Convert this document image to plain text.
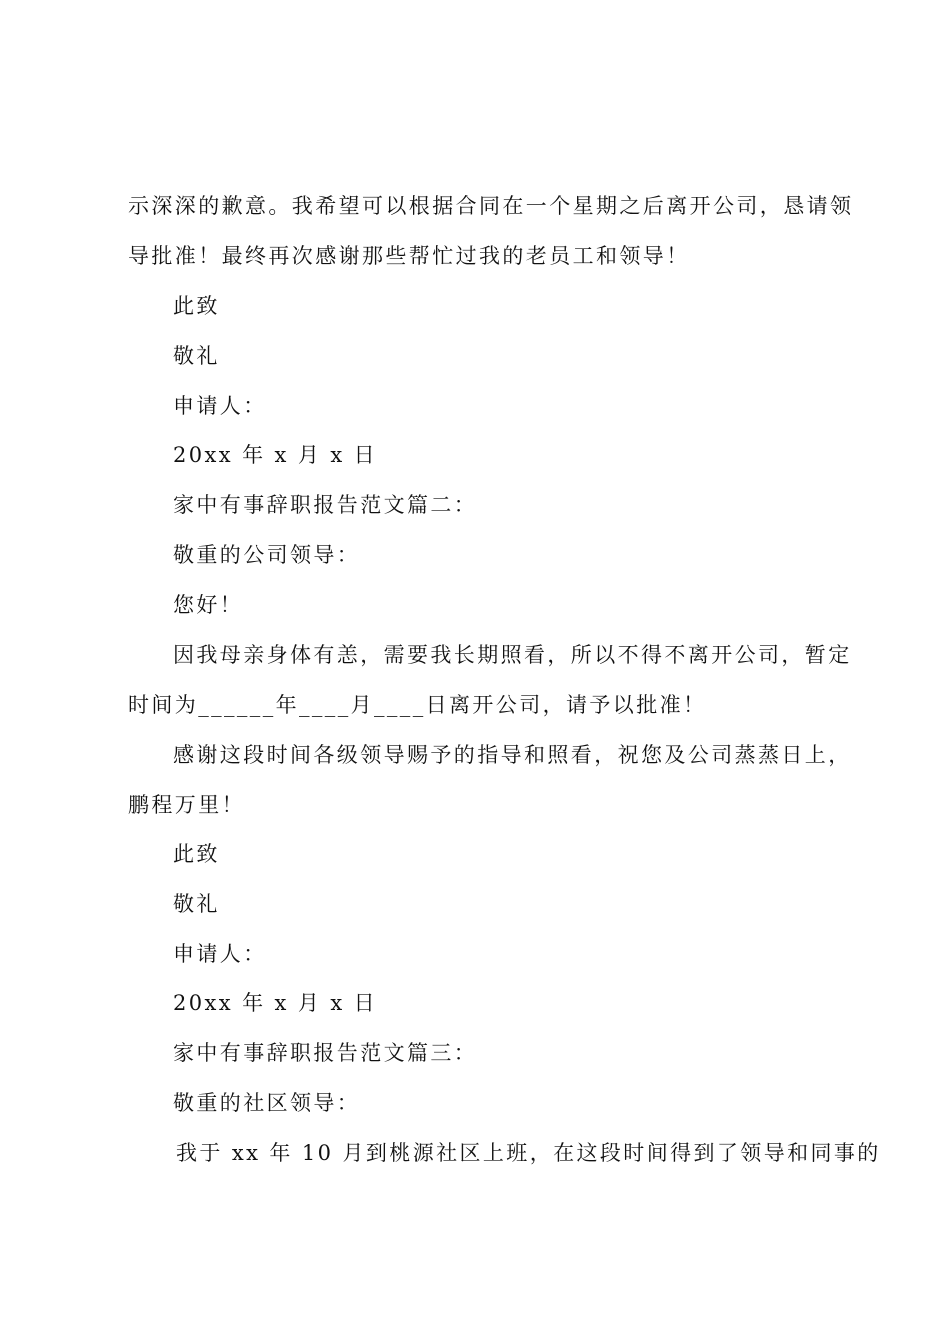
示深深的歉意。我希望可以根据合同在一个星期之后离开公司，恳请领
导批准！最终再次感谢那些帮忙过我的老员工和领导！
此致
敬礼
申请人：
20xx 年 x 月 x 日
家中有事辞职报告范文篇二：
敬重的公司领导：
您好！
因我母亲身体有恙，需要我长期照看，所以不得不离开公司，暂定
时间为______年____月____日离开公司，请予以批准！
感谢这段时间各级领导赐予的指导和照看，祝您及公司蒸蒸日上，
鹏程万里！
此致
敬礼
申请人：
20xx 年 x 月 x 日
家中有事辞职报告范文篇三：
敬重的社区领导：
我于 xx 年 10 月到桃源社区上班，在这段时间得到了领导和同事的
